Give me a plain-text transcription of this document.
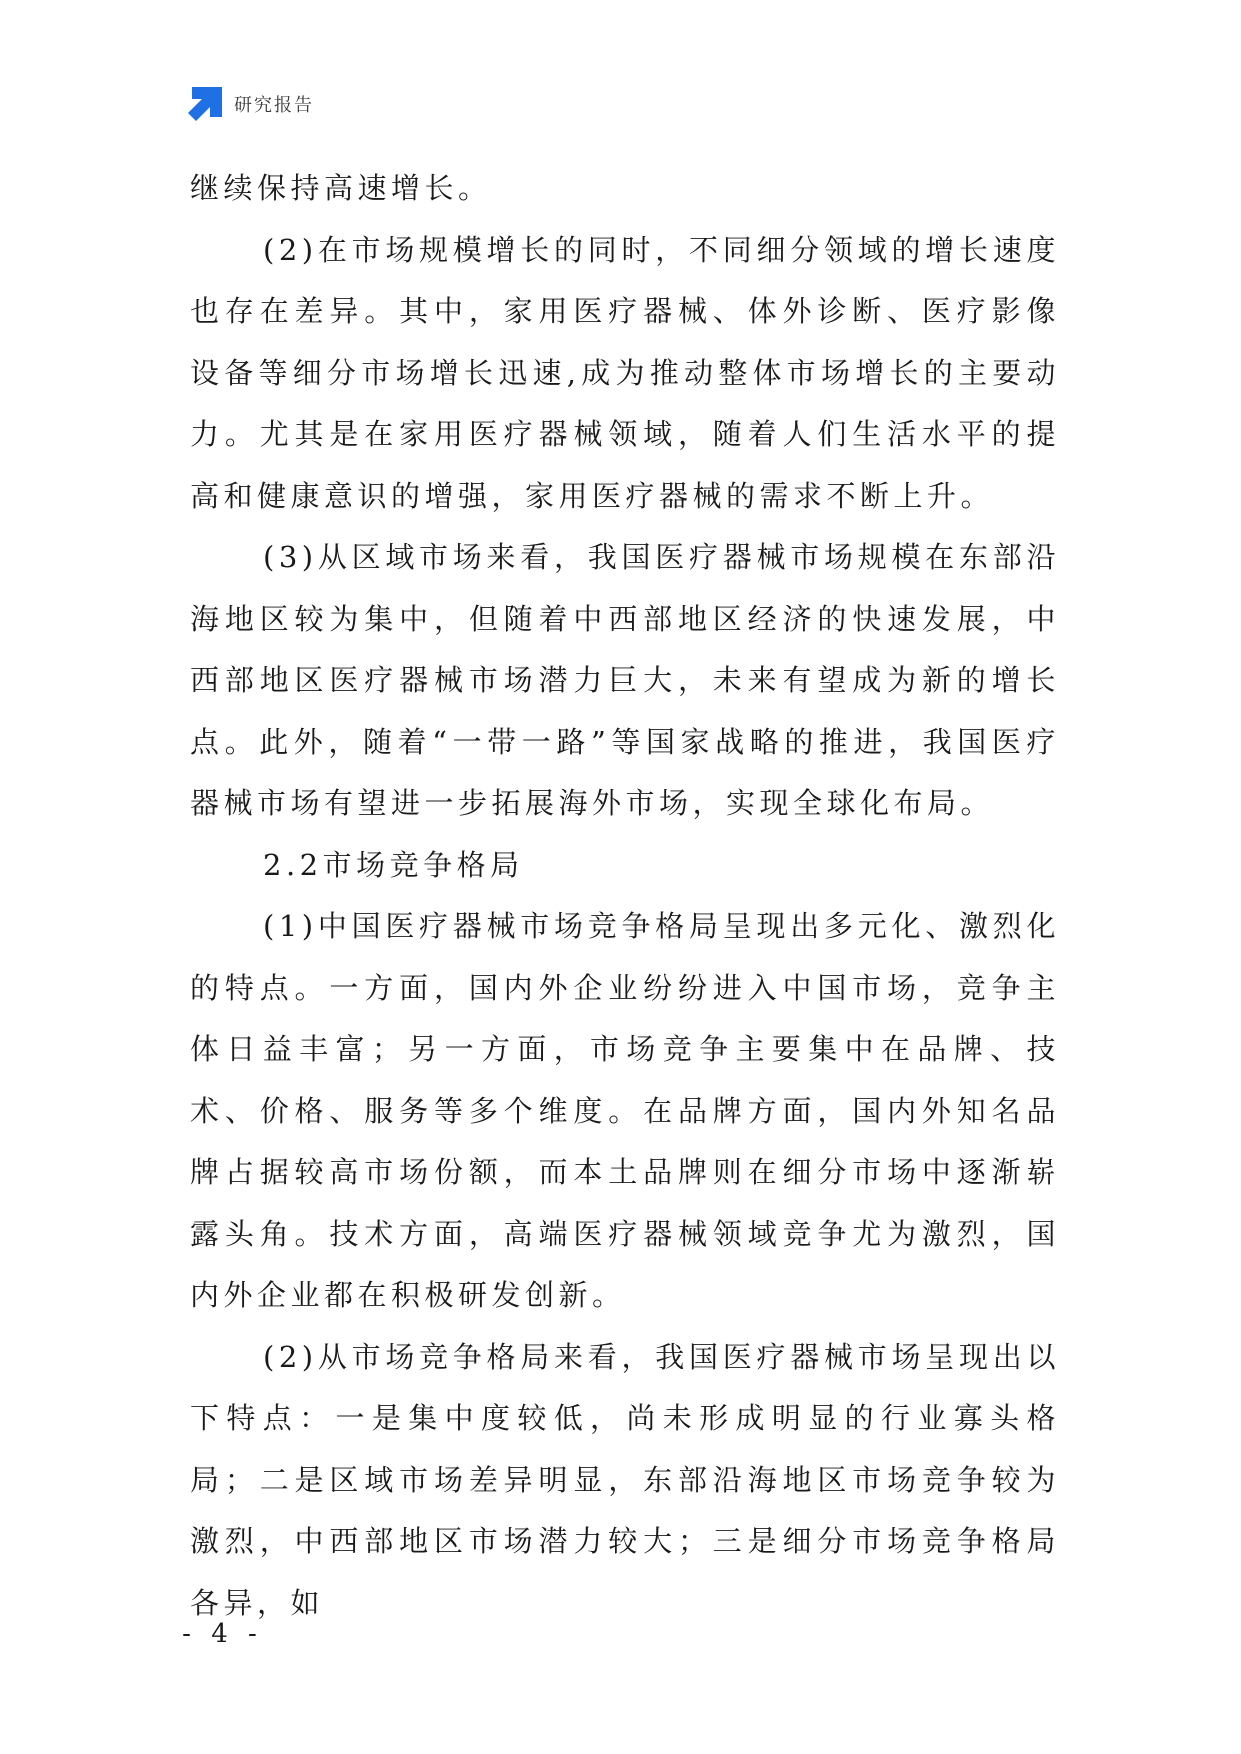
研究报告

继续保持高速增长。

(2)在市场规模增长的同时，不同细分领域的增长速度也存在差异。其中，家用医疗器械、体外诊断、医疗影像设备等细分市场增长迅速,成为推动整体市场增长的主要动力。尤其是在家用医疗器械领域，随着人们生活水平的提高和健康意识的增强，家用医疗器械的需求不断上升。

(3)从区域市场来看，我国医疗器械市场规模在东部沿海地区较为集中，但随着中西部地区经济的快速发展，中西部地区医疗器械市场潜力巨大，未来有望成为新的增长点。此外，随着“一带一路”等国家战略的推进，我国医疗器械市场有望进一步拓展海外市场，实现全球化布局。

2.2市场竞争格局

(1)中国医疗器械市场竞争格局呈现出多元化、激烈化的特点。一方面，国内外企业纷纷进入中国市场，竞争主体日益丰富；另一方面，市场竞争主要集中在品牌、技术、价格、服务等多个维度。在品牌方面，国内外知名品牌占据较高市场份额，而本土品牌则在细分市场中逐渐崭露头角。技术方面，高端医疗器械领域竞争尤为激烈，国内外企业都在积极研发创新。

(2)从市场竞争格局来看，我国医疗器械市场呈现出以下特点：一是集中度较低，尚未形成明显的行业寡头格局；二是区域市场差异明显，东部沿海地区市场竞争较为激烈，中西部地区市场潜力较大；三是细分市场竞争格局各异，如

- 4 -
